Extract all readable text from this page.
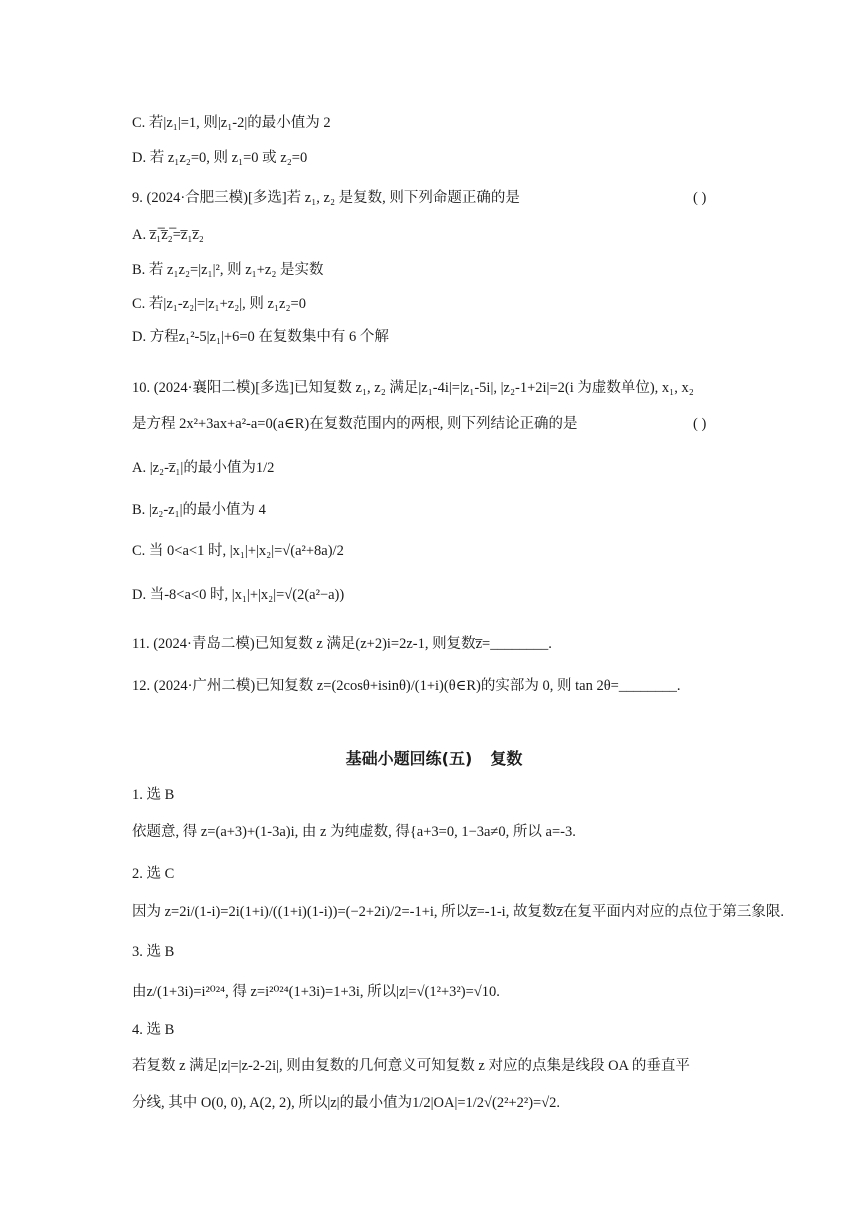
C. 若|z₁|=1, 则|z₁-2|的最小值为 2
D. 若 z₁z₂=0, 则 z₁=0 或 z₂=0
9. (2024·合肥三模)[多选]若 z₁, z₂ 是复数, 则下列命题正确的是	( )
A. z̅₁̅z̅₂̅=z̅₁z̅₂
B. 若 z₁z₂=|z₁|², 则 z₁+z₂ 是实数
C. 若|z₁-z₂|=|z₁+z₂|, 则 z₁z₂=0
D. 方程z₁²-5|z₁|+6=0 在复数集中有 6 个解
10. (2024·襄阳二模)[多选]已知复数 z₁, z₂ 满足|z₁-4i|=|z₁-5i|, |z₂-1+2i|=2(i 为虚数单位), x₁, x₂
是方程 2x²+3ax+a²-a=0(a∈R)在复数范围内的两根, 则下列结论正确的是	( )
A. |z₂-z̅₁|的最小值为1/2
B. |z₂-z₁|的最小值为 4
C. 当 0<a<1 时, |x₁|+|x₂|=√(a²+8a)/2
D. 当-8<a<0 时, |x₁|+|x₂|=√(2(a²−a))
11. (2024·青岛二模)已知复数 z 满足(z+2)i=2z-1, 则复数z̅=________.
12. (2024·广州二模)已知复数 z=(2cosθ+isinθ)/(1+i)(θ∈R)的实部为 0, 则 tan 2θ=________.
基础小题回练(五) 复数
1. 选 B
依题意, 得 z=(a+3)+(1-3a)i, 由 z 为纯虚数, 得{a+3=0, 1−3a≠0, 所以 a=-3.
2. 选 C
因为 z=2i/(1-i)=2i(1+i)/((1+i)(1-i))=(−2+2i)/2=-1+i, 所以z̅=-1-i, 故复数z̅在复平面内对应的点位于第三象限.
3. 选 B
由z/(1+3i)=i²⁰²⁴, 得 z=i²⁰²⁴(1+3i)=1+3i, 所以|z|=√(1²+3²)=√10.
4. 选 B
若复数 z 满足|z|=|z-2-2i|, 则由复数的几何意义可知复数 z 对应的点集是线段 OA 的垂直平
分线, 其中 O(0, 0), A(2, 2), 所以|z|的最小值为1/2|OA|=1/2√(2²+2²)=√2.
